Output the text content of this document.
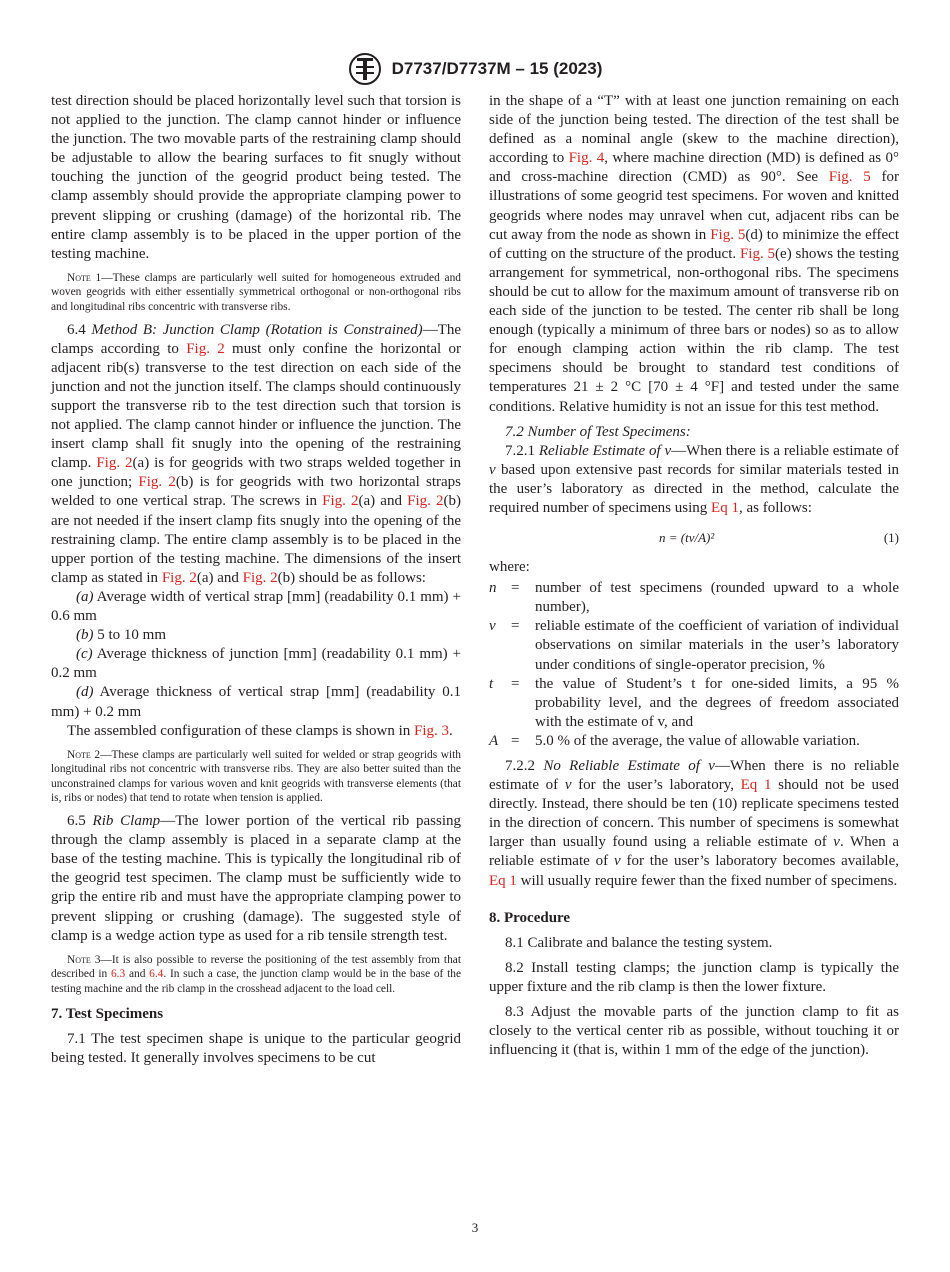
D7737/D7737M – 15 (2023)

test direction should be placed horizontally level such that torsion is not applied to the junction. The clamp cannot hinder or influence the junction. The two movable parts of the restraining clamp should be adjustable to allow the bearing surfaces to fit snugly without touching the junction of the geogrid product being tested. The clamp assembly should provide the appropriate clamping power to prevent slipping or crushing (damage) of the horizontal rib. The entire clamp assembly is to be placed in the upper portion of the testing machine.

Note 1—These clamps are particularly well suited for homogeneous extruded and woven geogrids with either essentially symmetrical orthogonal or non-orthogonal ribs and longitudinal ribs concentric with transverse ribs.

6.4 Method B: Junction Clamp (Rotation is Constrained)—The clamps according to Fig. 2 must only confine the horizontal or adjacent rib(s) transverse to the test direction on each side of the junction and not the junction itself. The clamps should continuously support the transverse rib to the test direction such that torsion is not applied. The clamp cannot hinder or influence the junction. The insert clamp shall fit snugly into the opening of the restraining clamp. Fig. 2(a) is for geogrids with two straps welded together in one junction; Fig. 2(b) is for geogrids with two horizontal straps welded to one vertical strap. The screws in Fig. 2(a) and Fig. 2(b) are not needed if the insert clamp fits snugly into the opening of the restraining clamp. The entire clamp assembly is to be placed in the upper portion of the testing machine. The dimensions of the insert clamp as stated in Fig. 2(a) and Fig. 2(b) should be as follows:

(a) Average width of vertical strap [mm] (readability 0.1 mm) + 0.6 mm

(b) 5 to 10 mm

(c) Average thickness of junction [mm] (readability 0.1 mm) + 0.2 mm

(d) Average thickness of vertical strap [mm] (readability 0.1 mm) + 0.2 mm

The assembled configuration of these clamps is shown in Fig. 3.

Note 2—These clamps are particularly well suited for welded or strap geogrids with longitudinal ribs not concentric with transverse ribs. They are also better suited than the unconstrained clamps for various woven and knit geogrids with transverse elements (that is, ribs or nodes) that tend to rotate when tension is applied.

6.5 Rib Clamp—The lower portion of the vertical rib passing through the clamp assembly is placed in a separate clamp at the base of the testing machine. This is typically the longitudinal rib of the geogrid test specimen. The clamp must be sufficiently wide to grip the entire rib and must have the appropriate clamping power to prevent slipping or crushing (damage). The suggested style of clamp is a wedge action type as used for a rib tensile strength test.

Note 3—It is also possible to reverse the positioning of the test assembly from that described in 6.3 and 6.4. In such a case, the junction clamp would be in the base of the testing machine and the rib clamp in the crosshead adjacent to the load cell.

7. Test Specimens

7.1 The test specimen shape is unique to the particular geogrid being tested. It generally involves specimens to be cut

in the shape of a “T” with at least one junction remaining on each side of the junction being tested. The direction of the test shall be defined as a nominal angle (skew to the machine direction), according to Fig. 4, where machine direction (MD) is defined as 0° and cross-machine direction (CMD) as 90°. See Fig. 5 for illustrations of some geogrid test specimens. For woven and knitted geogrids where nodes may unravel when cut, adjacent ribs can be cut away from the node as shown in Fig. 5(d) to minimize the effect of cutting on the structure of the product. Fig. 5(e) shows the testing arrangement for symmetrical, non-orthogonal ribs. The specimens should be cut to allow for the maximum amount of transverse rib on each side of the junction to be tested. The center rib shall be long enough (typically a minimum of three bars or nodes) so as to allow for enough clamping action within the rib clamp. The test specimens should be brought to standard test conditions of temperatures 21 ± 2 °C [70 ± 4 °F] and tested under the same conditions. Relative humidity is not an issue for this test method.

7.2 Number of Test Specimens:

7.2.1 Reliable Estimate of v—When there is a reliable estimate of v based upon extensive past records for similar materials tested in the user’s laboratory as directed in the method, calculate the required number of specimens using Eq 1, as follows:

n = (tv/A)²	(1)

where:

n =	number of test specimens (rounded upward to a whole number),
v	=	reliable estimate of the coefficient of variation of individual observations on similar materials in the user’s laboratory under conditions of single-operator precision, %
t	=	the value of Student’s t for one-sided limits, a 95 % probability level, and the degrees of freedom associated with the estimate of v, and
A =	5.0 % of the average, the value of allowable variation.

7.2.2 No Reliable Estimate of v—When there is no reliable estimate of v for the user’s laboratory, Eq 1 should not be used directly. Instead, there should be ten (10) replicate specimens tested in the direction of concern. This number of specimens is somewhat larger than usually found using a reliable estimate of v. When a reliable estimate of v for the user’s laboratory becomes available, Eq 1 will usually require fewer than the fixed number of specimens.

8. Procedure

8.1 Calibrate and balance the testing system.

8.2 Install testing clamps; the junction clamp is typically the upper fixture and the rib clamp is then the lower fixture.

8.3 Adjust the movable parts of the junction clamp to fit as closely to the vertical center rib as possible, without touching it or influencing it (that is, within 1 mm of the edge of the junction).

3
